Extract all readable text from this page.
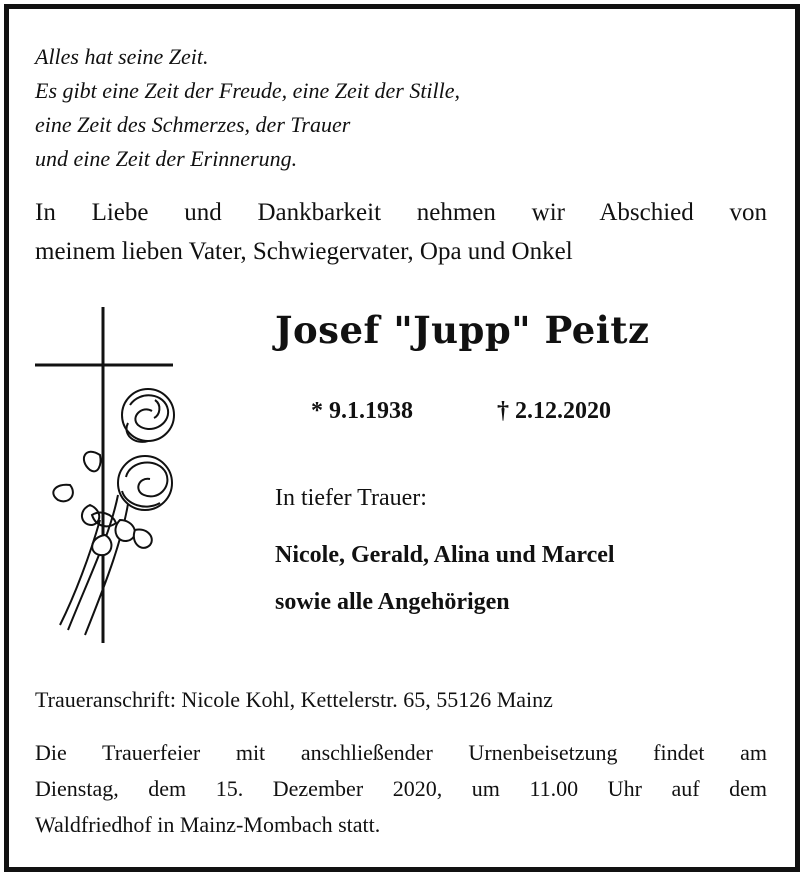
Alles hat seine Zeit.
Es gibt eine Zeit der Freude, eine Zeit der Stille,
eine Zeit des Schmerzes, der Trauer
und eine Zeit der Erinnerung.
In Liebe und Dankbarkeit nehmen wir Abschied von
meinem lieben Vater, Schwiegervater, Opa und Onkel
Josef "Jupp" Peitz
* 9.1.1938	† 2.12.2020
In tiefer Trauer:
Nicole, Gerald, Alina und Marcel
sowie alle Angehörigen
Traueranschrift: Nicole Kohl, Kettelerstr. 65, 55126 Mainz
Die Trauerfeier mit anschließender Urnenbeisetzung findet am
Dienstag, dem 15. Dezember 2020, um 11.00 Uhr auf dem
Waldfriedhof in Mainz-Mombach statt.
